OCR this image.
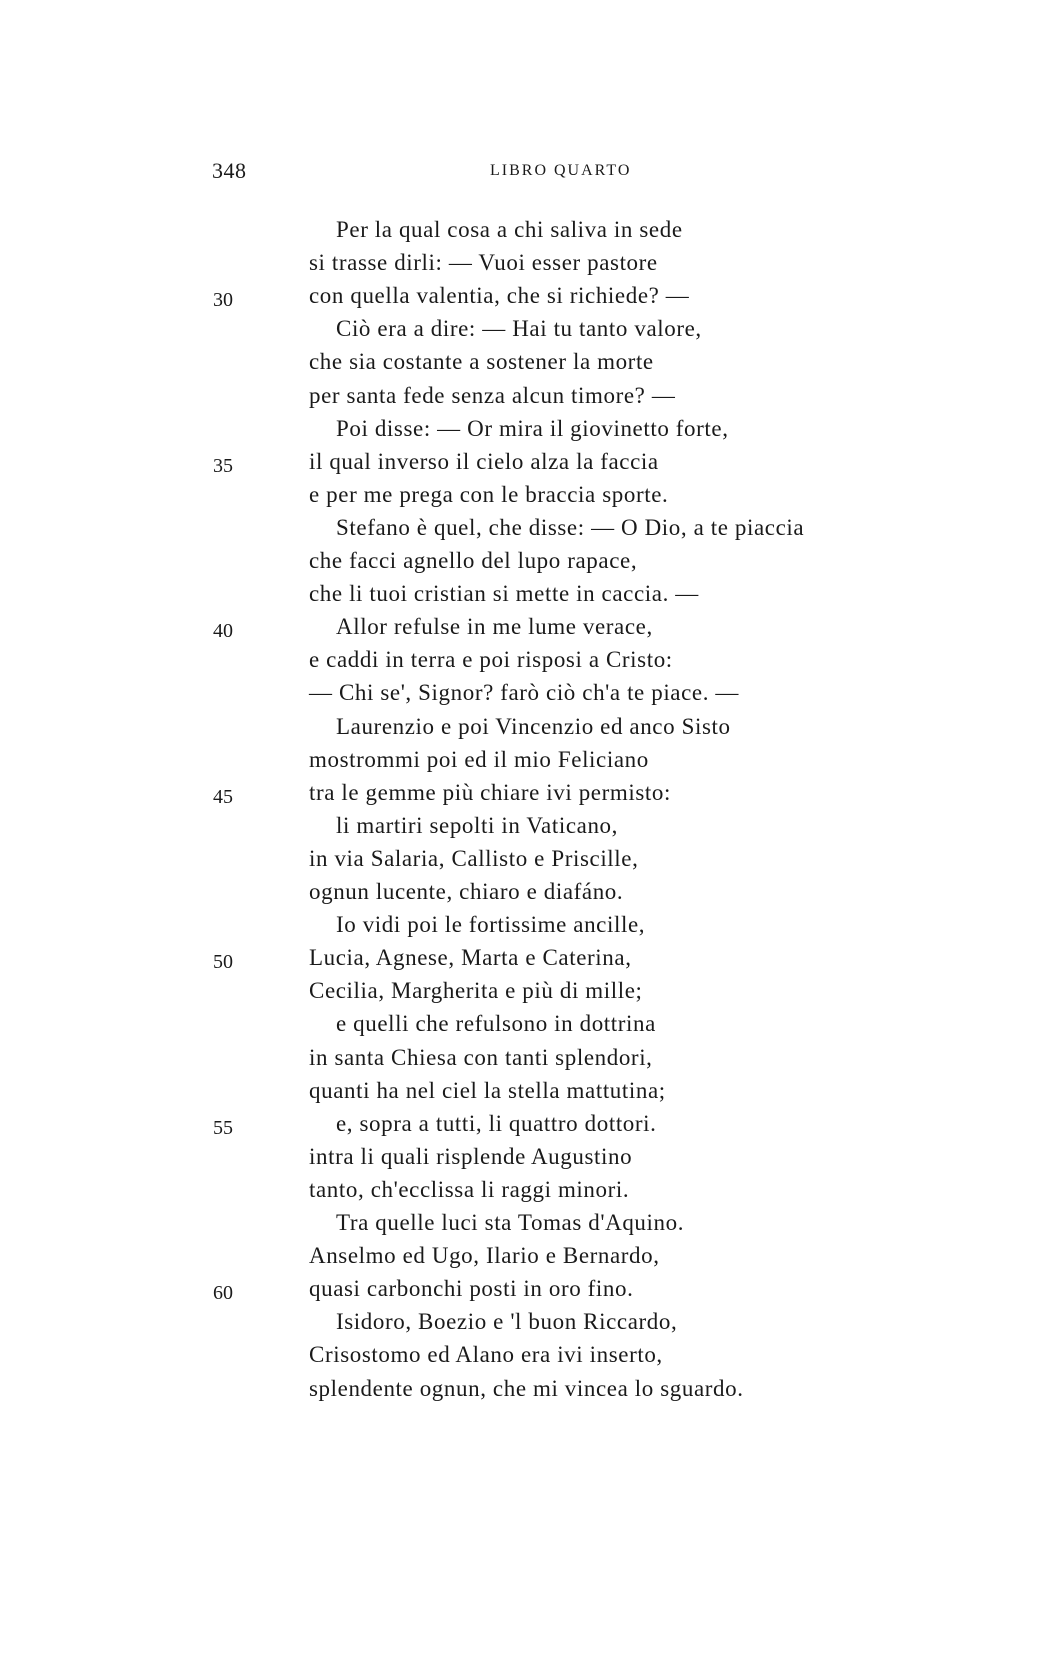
348	LIBRO QUARTO
Per la qual cosa a chi saliva in sede
si trasse dirli: — Vuoi esser pastore
con quella valentia, che si richiede? —
30
Ciò era a dire: — Hai tu tanto valore,
che sia costante a sostener la morte
per santa fede senza alcun timore? —
Poi disse: — Or mira il giovinetto forte,
il qual inverso il cielo alza la faccia
35
e per me prega con le braccia sporte.
Stefano è quel, che disse: — O Dio, a te piaccia
che facci agnello del lupo rapace,
che li tuoi cristian si mette in caccia. —
Allor refulse in me lume verace,
40
e caddi in terra e poi risposi a Cristo:
— Chi se', Signor? farò ciò ch'a te piace. —
Laurenzio e poi Vincenzio ed anco Sisto
mostrommi poi ed il mio Feliciano
tra le gemme più chiare ivi permisto:
45
li martiri sepolti in Vaticano,
in via Salaria, Callisto e Priscille,
ognun lucente, chiaro e diafáno.
Io vidi poi le fortissime ancille,
Lucia, Agnese, Marta e Caterina,
50
Cecilia, Margherita e più di mille;
e quelli che refulsono in dottrina
in santa Chiesa con tanti splendori,
quanti ha nel ciel la stella mattutina;
e, sopra a tutti, li quattro dottori.
55
intra li quali risplende Augustino
tanto, ch'ecclissa li raggi minori.
Tra quelle luci sta Tomas d'Aquino.
Anselmo ed Ugo, Ilario e Bernardo,
quasi carbonchi posti in oro fino.
60
Isidoro, Boezio e 'l buon Riccardo,
Crisostomo ed Alano era ivi inserto,
splendente ognun, che mi vincea lo sguardo.
